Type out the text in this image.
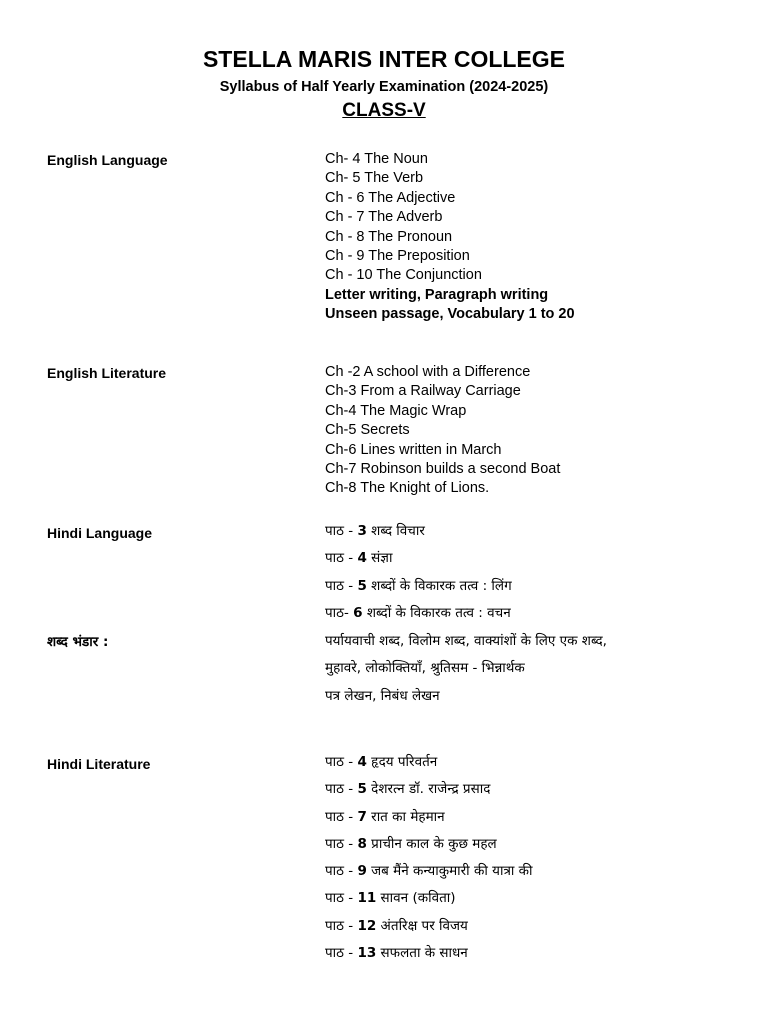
STELLA MARIS INTER COLLEGE
Syllabus of Half Yearly Examination (2024-2025)
CLASS-V
English Language	Ch- 4 The Noun
Ch- 5 The Verb
Ch - 6 The Adjective
Ch - 7 The Adverb
Ch - 8 The Pronoun
Ch - 9 The Preposition
Ch - 10 The Conjunction
Letter writing, Paragraph writing
Unseen passage, Vocabulary 1 to 20
English Literature	Ch -2 A school with a Difference
Ch-3 From a Railway Carriage
Ch-4 The Magic Wrap
Ch-5 Secrets
Ch-6 Lines written in March
Ch-7 Robinson builds a second Boat
Ch-8 The Knight of Lions.
Hindi Language	पाठ - 3 शब्द विचार
पाठ - 4 संज्ञा
पाठ - 5 शब्दों के विकारक तत्व : लिंग
पाठ- 6 शब्दों के विकारक तत्व : वचन
शब्द भंडार :	पर्यायवाची शब्द, विलोम शब्द, वाक्यांशों के लिए एक शब्द,
मुहावरे, लोकोक्तियाँ, श्रुतिसम - भिन्नार्थक
पत्र लेखन, निबंध लेखन
Hindi Literature	पाठ - 4 हृदय परिवर्तन
पाठ - 5 देशरत्न डॉ. राजेन्द्र प्रसाद
पाठ - 7 रात का मेहमान
पाठ - 8 प्राचीन काल के कुछ महल
पाठ - 9 जब मैंने कन्याकुमारी की यात्रा की
पाठ - 11 सावन (कविता)
पाठ - 12 अंतरिक्ष पर विजय
पाठ - 13 सफलता के साधन
